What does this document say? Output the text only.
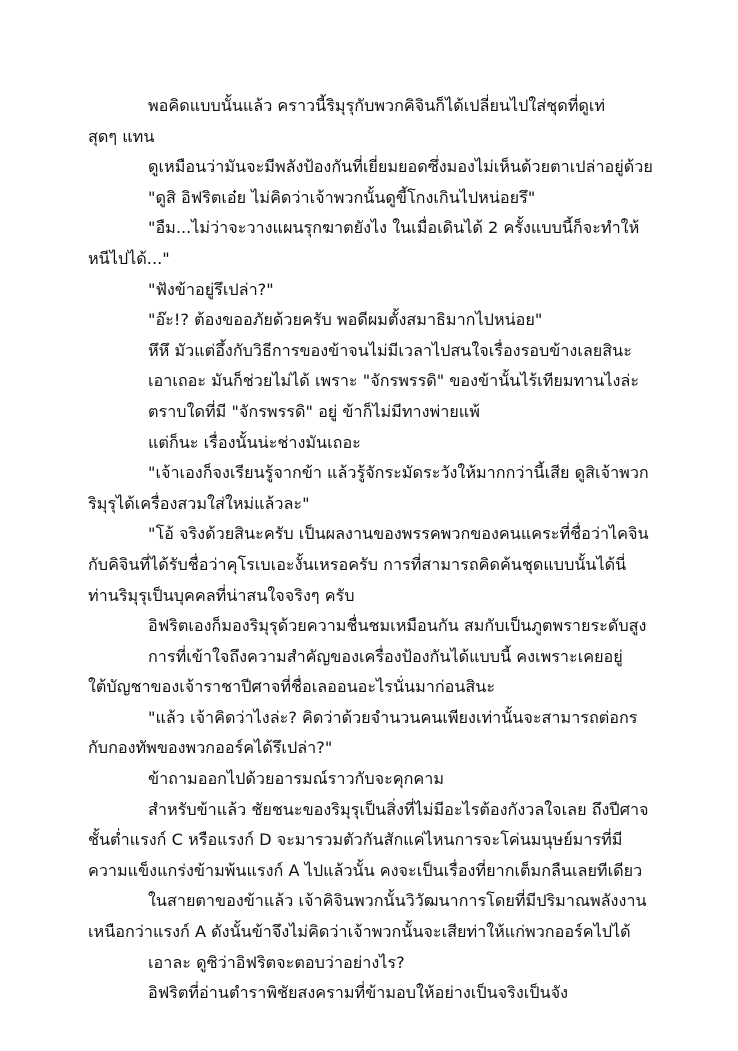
พอคิดแบบนั้นแล้ว คราวนี้ริมุรุกับพวกคิจินก็ได้เปลี่ยนไปใส่ชุดที่ดูเท่
สุดๆ แทน
ดูเหมือนว่ามันจะมีพลังป้องกันที่เยี่ยมยอดซึ่งมองไม่เห็นด้วยตาเปล่าอยู่ด้วย
"ดูสิ อิฟริตเอ๋ย ไม่คิดว่าเจ้าพวกนั้นดูขี้โกงเกินไปหน่อยรึ"
"อืม...ไม่ว่าจะวางแผนรุกฆาตยังไง ในเมื่อเดินได้ 2 ครั้งแบบนี้ก็จะทำให้
หนีไปได้..."
"ฟังข้าอยู่รึเปล่า?"
"อ๊ะ!? ต้องขออภัยด้วยครับ พอดีผมตั้งสมาธิมากไปหน่อย"
หึหึ มัวแต่อึ้งกับวิธีการของข้าจนไม่มีเวลาไปสนใจเรื่องรอบข้างเลยสินะ
เอาเถอะ มันก็ช่วยไม่ได้ เพราะ "จักรพรรดิ" ของข้านั้นไร้เทียมทานไงล่ะ
ตราบใดที่มี "จักรพรรดิ" อยู่ ข้าก็ไม่มีทางพ่ายแพ้
แต่ก็นะ เรื่องนั้นน่ะช่างมันเถอะ
"เจ้าเองก็จงเรียนรู้จากข้า แล้วรู้จักระมัดระวังให้มากกว่านี้เสีย ดูสิเจ้าพวก
ริมุรุได้เครื่องสวมใส่ใหม่แล้วละ"
"โอ้ จริงด้วยสินะครับ เป็นผลงานของพรรคพวกของคนแคระที่ชื่อว่าไคจิน
กับคิจินที่ได้รับชื่อว่าคุโรเบเอะงั้นเหรอครับ การที่สามารถคิดค้นชุดแบบนั้นได้นี่
ท่านริมุรุเป็นบุคคลที่น่าสนใจจริงๆ ครับ
อิฟริตเองก็มองริมุรุด้วยความชื่นชมเหมือนกัน สมกับเป็นภูตพรายระดับสูง
การที่เข้าใจถึงความสำคัญของเครื่องป้องกันได้แบบนี้ คงเพราะเคยอยู่
ใต้บัญชาของเจ้าราชาปีศาจที่ชื่อเลออนอะไรนั่นมาก่อนสินะ
"แล้ว เจ้าคิดว่าไงล่ะ? คิดว่าด้วยจำนวนคนเพียงเท่านั้นจะสามารถต่อกร
กับกองทัพของพวกออร์คได้รึเปล่า?"
ข้าถามออกไปด้วยอารมณ์ราวกับจะคุกคาม
สำหรับข้าแล้ว ชัยชนะของริมุรุเป็นสิ่งที่ไม่มีอะไรต้องกังวลใจเลย ถึงปีศาจ
ชั้นต่ำแรงก์ C หรือแรงก์ D จะมารวมตัวกันสักแค่ไหนการจะโค่นมนุษย์มารที่มี
ความแข็งแกร่งข้ามพ้นแรงก์ A ไปแล้วนั้น คงจะเป็นเรื่องที่ยากเต็มกลืนเลยทีเดียว
ในสายตาของข้าแล้ว เจ้าคิจินพวกนั้นวิวัฒนาการโดยที่มีปริมาณพลังงาน
เหนือกว่าแรงก์ A ดังนั้นข้าจึงไม่คิดว่าเจ้าพวกนั้นจะเสียท่าให้แก่พวกออร์คไปได้
เอาละ ดูซิว่าอิฟริตจะตอบว่าอย่างไร?
อิฟริตที่อ่านตำราพิชัยสงครามที่ข้ามอบให้อย่างเป็นจริงเป็นจัง
